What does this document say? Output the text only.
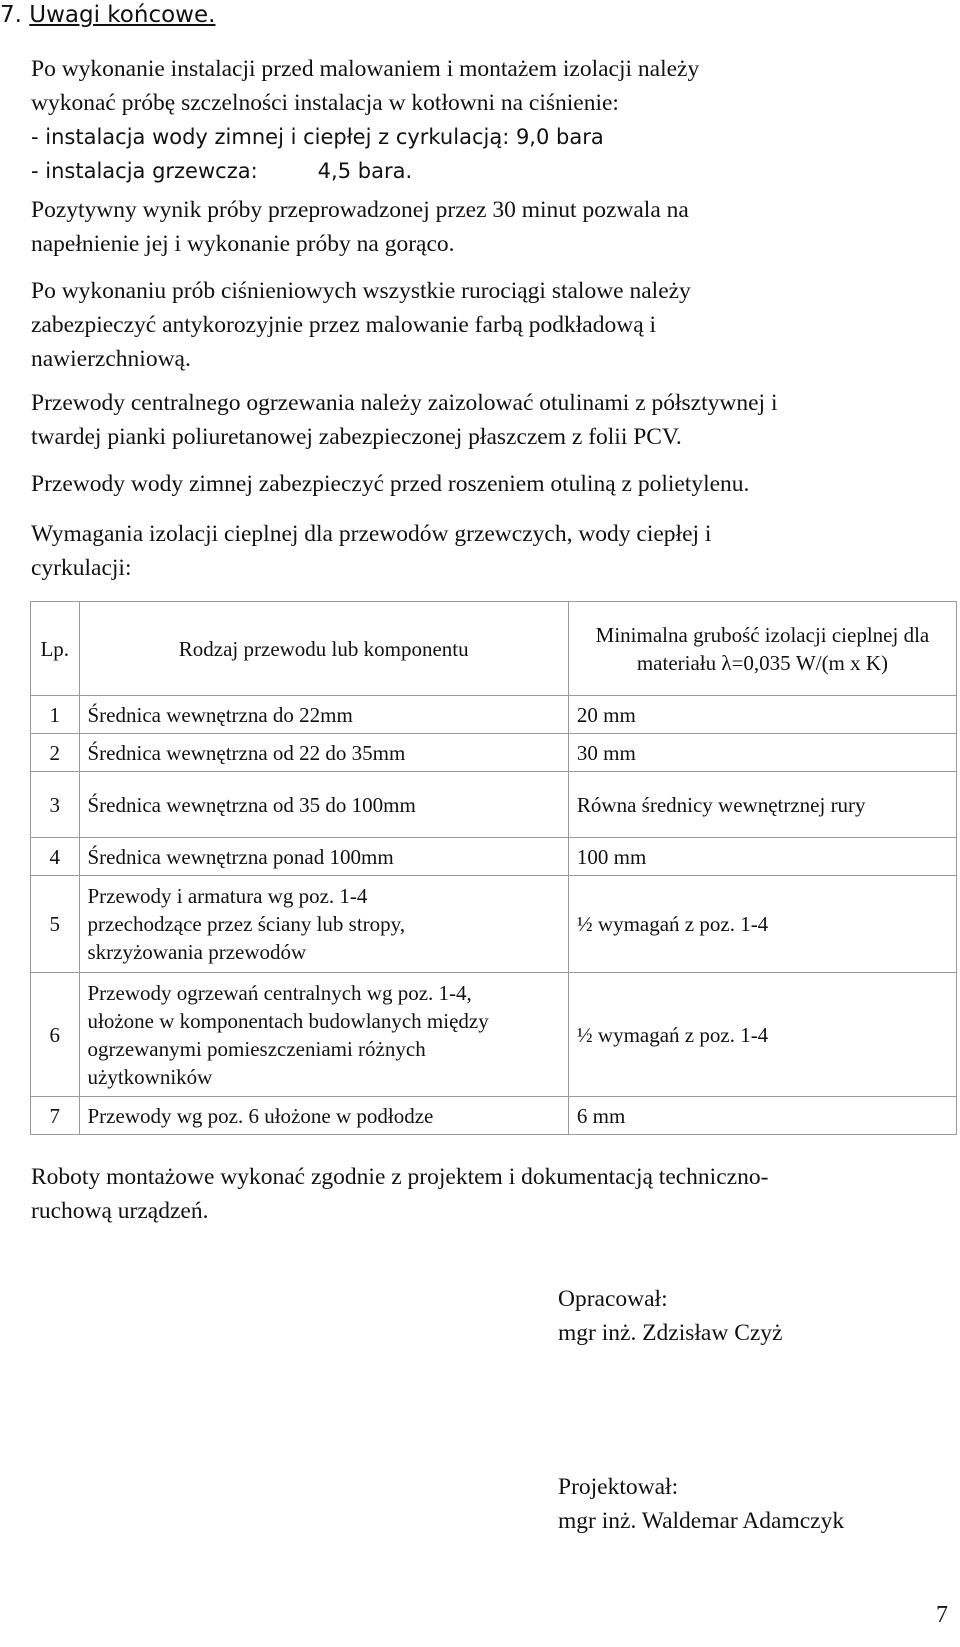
7. Uwagi końcowe.
Po wykonanie instalacji przed malowaniem i montażem izolacji należy
wykonać próbę szczelności instalacja w kotłowni na ciśnienie:
- instalacja wody zimnej i ciepłej z cyrkulacją: 9,0 bara
- instalacja grzewcza:	4,5 bara.
Pozytywny wynik próby przeprowadzonej przez 30 minut pozwala na
napełnienie jej i wykonanie próby na gorąco.
Po wykonaniu prób ciśnieniowych wszystkie rurociągi stalowe należy
zabezpieczyć antykorozyjnie przez malowanie farbą podkładową i
nawierzchniową.
Przewody centralnego ogrzewania należy zaizolować otulinami z półsztywnej i
twardej pianki poliuretanowej zabezpieczonej płaszczem z folii PCV.
Przewody wody zimnej zabezpieczyć przed roszeniem otuliną z polietylenu.
Wymagania izolacji cieplnej dla przewodów grzewczych, wody ciepłej i
cyrkulacji:
Lp.	Rodzaj przewodu lub komponentu	Minimalna grubość izolacji cieplnej dla materiału λ=0,035 W/(m x K)
1	Średnica wewnętrzna do 22mm	20 mm
2	Średnica wewnętrzna od 22 do 35mm	30 mm
3	Średnica wewnętrzna od 35 do 100mm	Równa średnicy wewnętrznej rury
4	Średnica wewnętrzna ponad 100mm	100 mm
5	Przewody i armatura wg poz. 1-4 przechodzące przez ściany lub stropy, skrzyżowania przewodów	½ wymagań z poz. 1-4
6	Przewody ogrzewań centralnych wg poz. 1-4, ułożone w komponentach budowlanych między ogrzewanymi pomieszczeniami różnych użytkowników	½ wymagań z poz. 1-4
7	Przewody wg poz. 6 ułożone w podłodze	6 mm
Roboty montażowe wykonać zgodnie z projektem i dokumentacją techniczno-
ruchową urządzeń.
Opracował:
mgr inż. Zdzisław Czyż
Projektował:
mgr inż. Waldemar Adamczyk
7
